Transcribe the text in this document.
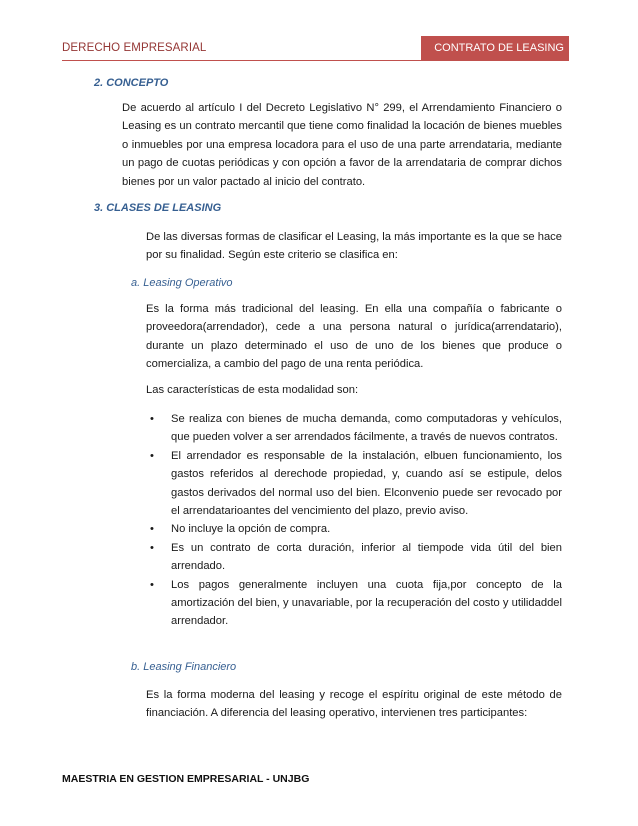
DERECHO EMPRESARIAL	CONTRATO DE LEASING
2. CONCEPTO

De acuerdo al artículo I del Decreto Legislativo N° 299, el Arrendamiento Financiero o Leasing es un contrato mercantil que tiene como finalidad la locación de bienes muebles o inmuebles por una empresa locadora para el uso de una parte arrendataria, mediante un pago de cuotas periódicas y con opción a favor de la arrendataria de comprar dichos bienes por un valor pactado al inicio del contrato.

3. CLASES DE LEASING

De las diversas formas de clasificar el Leasing, la más importante es la que se hace por su finalidad. Según este criterio se clasifica en:

a. Leasing Operativo

Es la forma más tradicional del leasing. En ella una compañía o fabricante o proveedora(arrendador), cede a una persona natural o jurídica(arrendatario), durante un plazo determinado el uso de uno de los bienes que produce o comercializa, a cambio del pago de una renta periódica.

Las características de esta modalidad son:

• Se realiza con bienes de mucha demanda, como computadoras y vehículos, que pueden volver a ser arrendados fácilmente, a través de nuevos contratos.
• El arrendador es responsable de la instalación, elbuen funcionamiento, los gastos referidos al derechode propiedad, y, cuando así se estipule, delos gastos derivados del normal uso del bien. Elconvenio puede ser revocado por el arrendatarioantes del vencimiento del plazo, previo aviso.
• No incluye la opción de compra.
• Es un contrato de corta duración, inferior al tiempode vida útil del bien arrendado.
• Los pagos generalmente incluyen una cuota fija,por concepto de la amortización del bien, y unavariable, por la recuperación del costo y utilidaddel arrendador.
b. Leasing Financiero

Es la forma moderna del leasing y recoge el espíritu original de este método de financiación. A diferencia del leasing operativo, intervienen tres participantes:

MAESTRIA EN GESTION EMPRESARIAL - UNJBG
